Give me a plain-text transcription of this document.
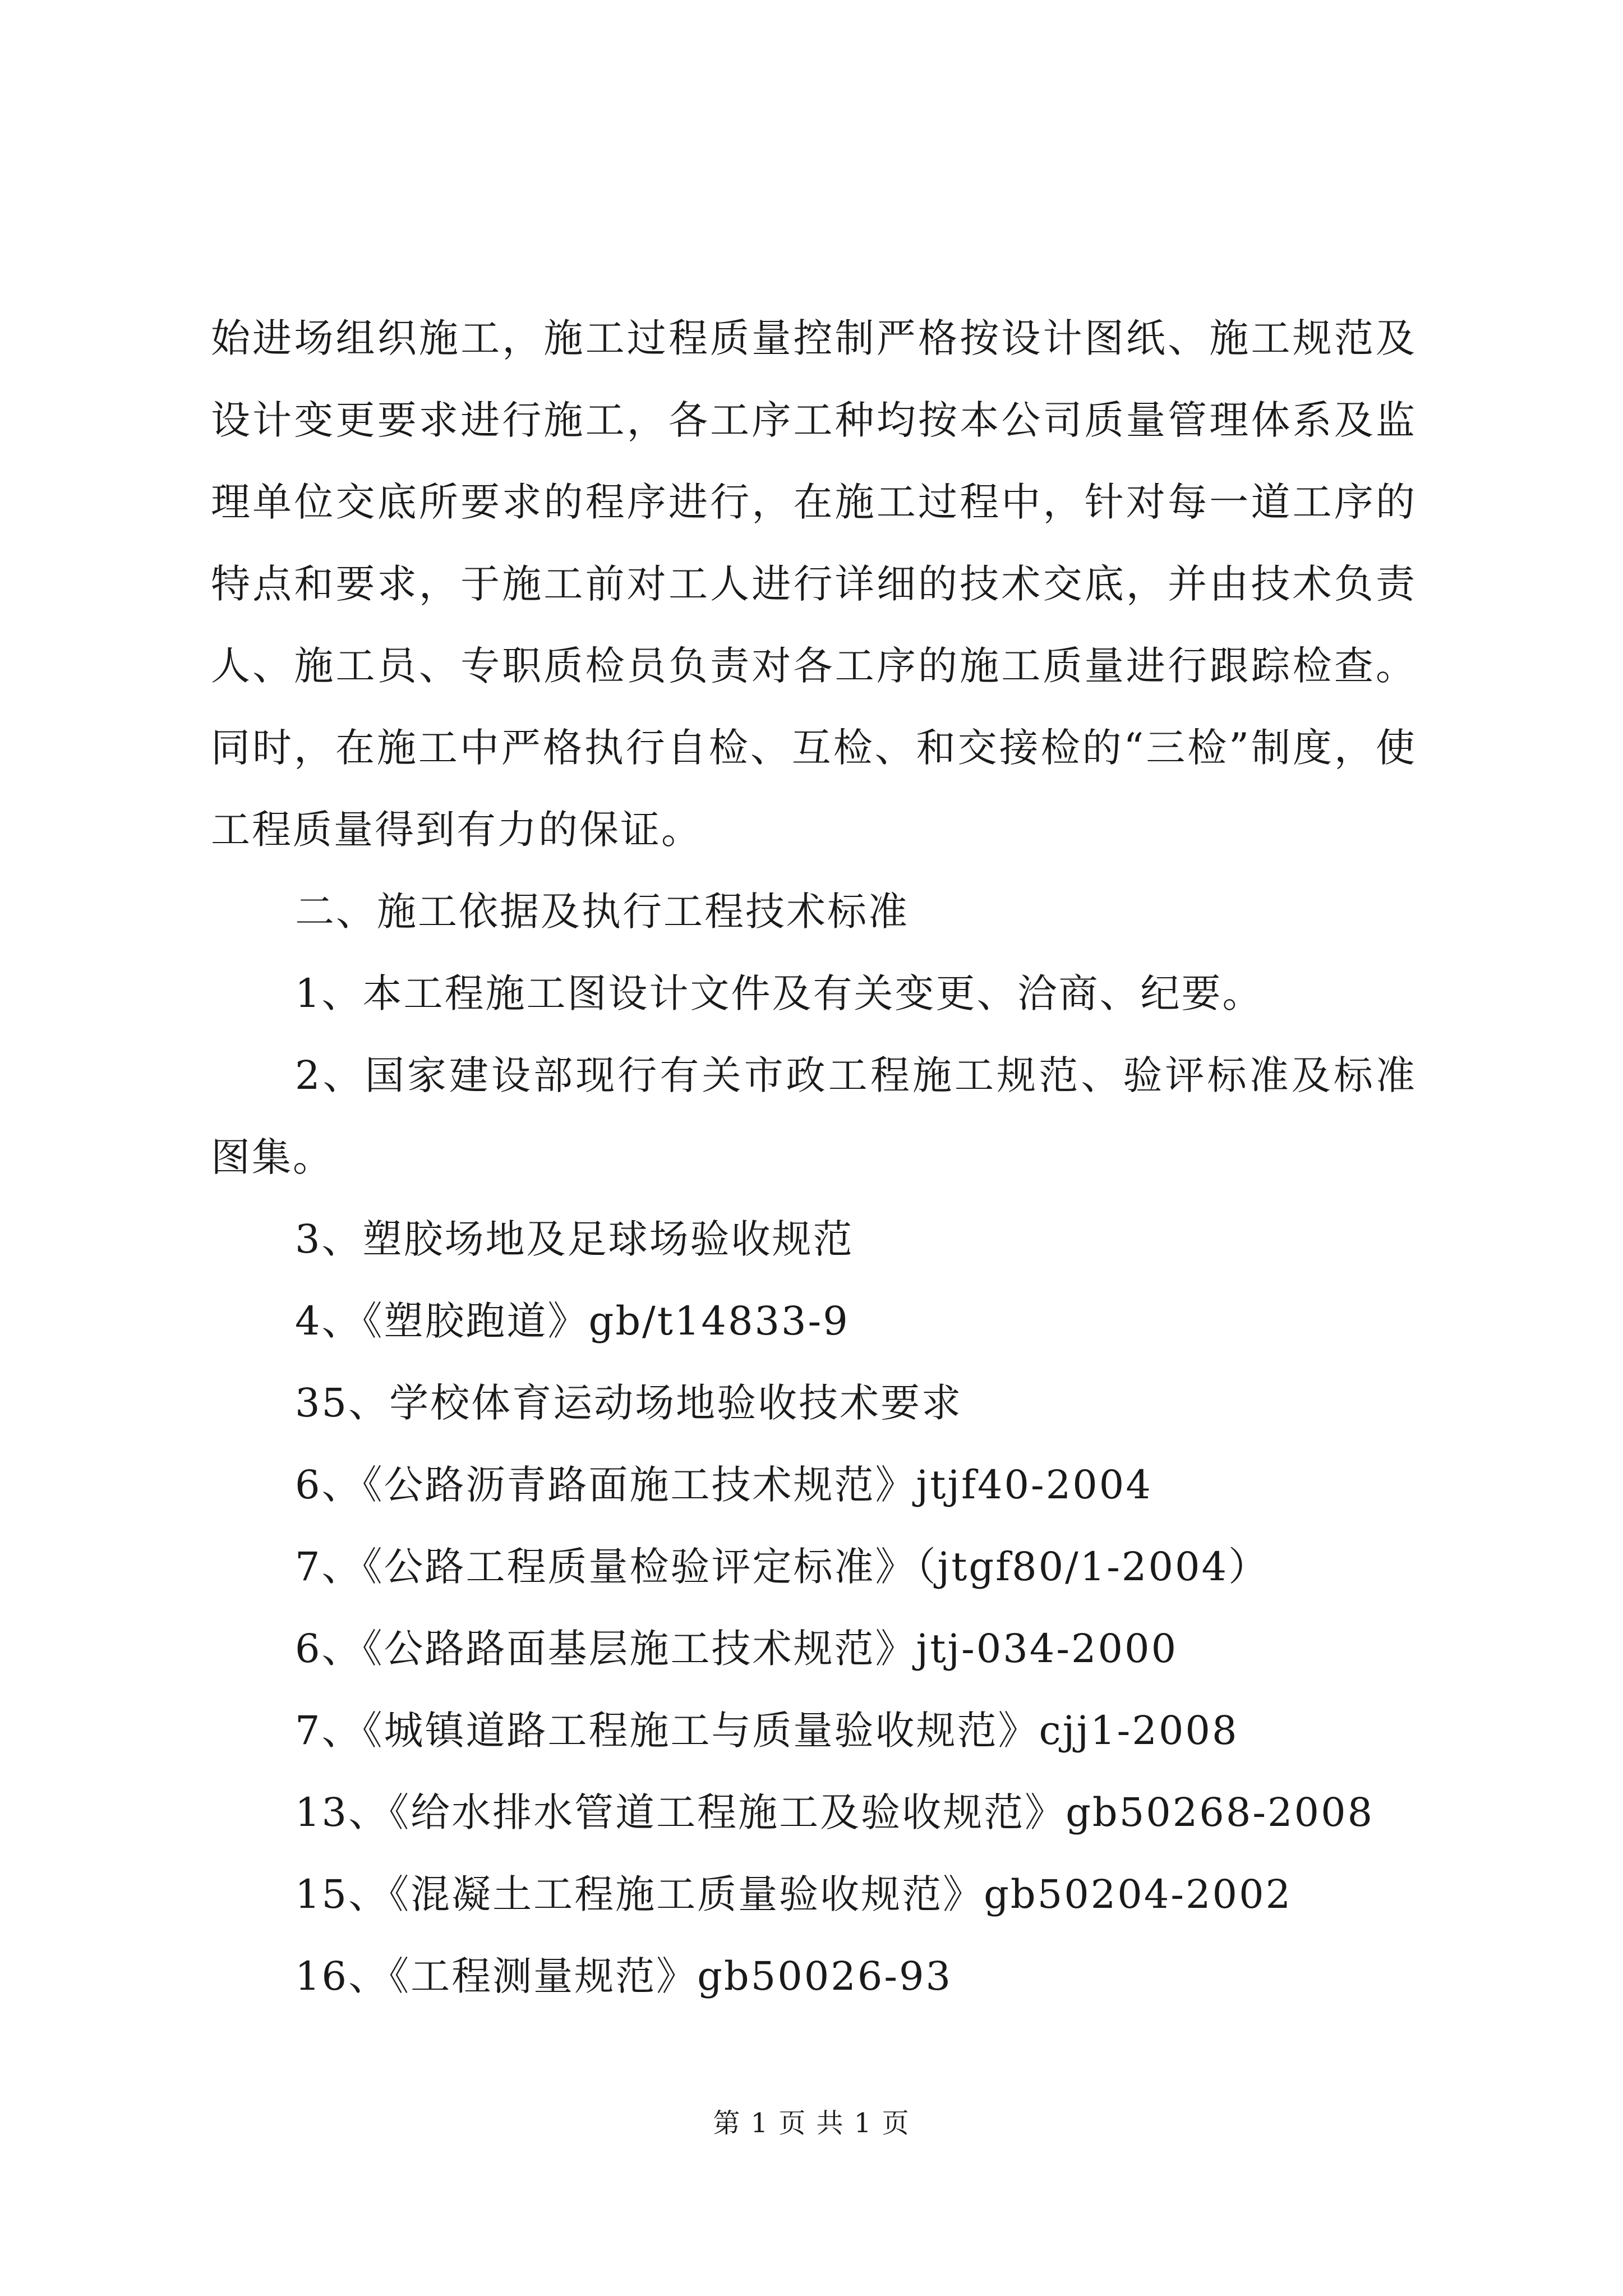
始进场组织施工，施工过程质量控制严格按设计图纸、施工规范及设计变更要求进行施工，各工序工种均按本公司质量管理体系及监理单位交底所要求的程序进行，在施工过程中，针对每一道工序的特点和要求，于施工前对工人进行详细的技术交底，并由技术负责人、施工员、专职质检员负责对各工序的施工质量进行跟踪检查。同时，在施工中严格执行自检、互检、和交接检的“三检”制度，使工程质量得到有力的保证。

二、施工依据及执行工程技术标准

1、本工程施工图设计文件及有关变更、洽商、纪要。

2、国家建设部现行有关市政工程施工规范、验评标准及标准图集。

3、塑胶场地及足球场验收规范

4、《塑胶跑道》gb/t14833-9

35、学校体育运动场地验收技术要求

6、《公路沥青路面施工技术规范》jtjf40-2004

7、《公路工程质量检验评定标准》（jtgf80/1-2004）

6、《公路路面基层施工技术规范》jtj-034-2000

7、《城镇道路工程施工与质量验收规范》cjj1-2008

13、《给水排水管道工程施工及验收规范》gb50268-2008

15、《混凝土工程施工质量验收规范》gb50204-2002

16、《工程测量规范》gb50026-93

第 1 页 共 1 页
